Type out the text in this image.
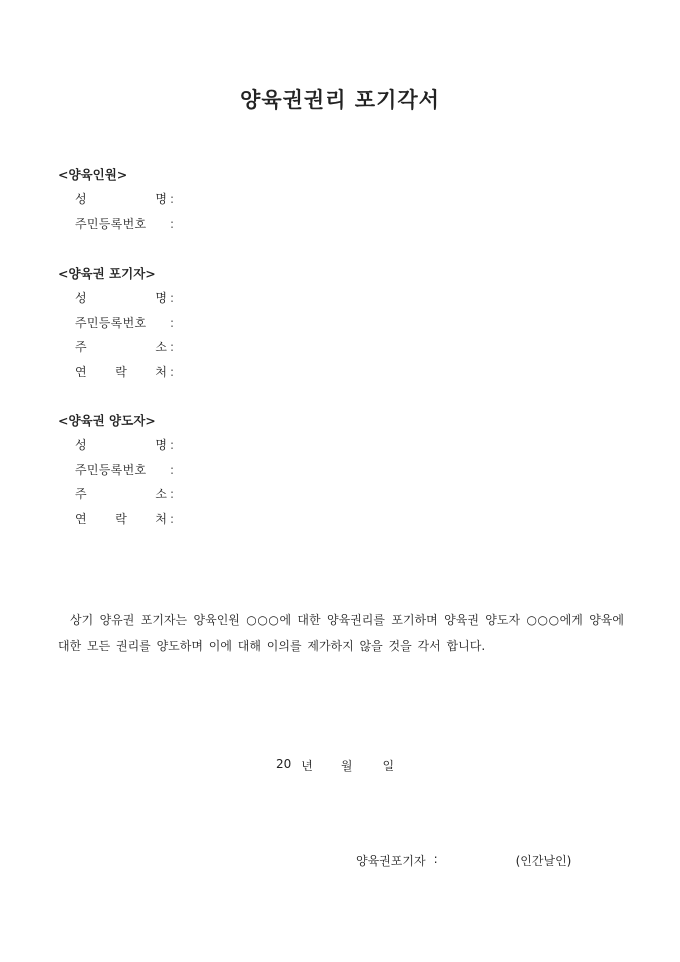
양육권권리 포기각서
<양육인원>
성	명 :
주민등록번호	:
<양육권 포기자>
성	명 :
주민등록번호	:
주	소 :
연 락 처 :
<양육권 양도자>
성	명 :
주민등록번호	:
주	소 :
연 락 처 :
상기 양유권 포기자는 양육인원 ○○○에 대한 양육권리를 포기하며 양육권 양도자 ○○○에게 양육에 대한 모든 권리를 양도하며 이에 대해 이의를 제가하지 않을 것을 각서 합니다.
20 년 월	일
양육권포기자 :	(인간날인)
